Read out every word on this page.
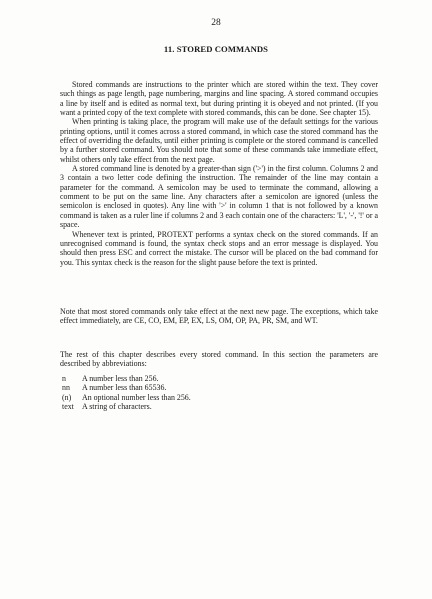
28
11. STORED COMMANDS

Stored commands are instructions to the printer which are stored within the text. They cover such things as page length, page numbering, margins and line spacing. A stored command occupies a line by itself and is edited as normal text, but during printing it is obeyed and not printed. (If you want a printed copy of the text complete with stored commands, this can be done. See chapter 15).

When printing is taking place, the program will make use of the default settings for the various printing options, until it comes across a stored command, in which case the stored command has the effect of overriding the defaults, until either printing is complete or the stored command is cancelled by a further stored command. You should note that some of these commands take immediate effect, whilst others only take effect from the next page.

A stored command line is denoted by a greater-than sign ('>') in the first column. Columns 2 and 3 contain a two letter code defining the instruction. The remainder of the line may contain a parameter for the command. A semicolon may be used to terminate the command, allowing a comment to be put on the same line. Any characters after a semicolon are ignored (unless the semicolon is enclosed in quotes). Any line with '>' in column 1 that is not followed by a known command is taken as a ruler line if columns 2 and 3 each contain one of the characters: 'L', '-', '!' or a space.

Whenever text is printed, PROTEXT performs a syntax check on the stored commands. If an unrecognised command is found, the syntax check stops and an error message is displayed. You should then press ESC and correct the mistake. The cursor will be placed on the bad command for you. This syntax check is the reason for the slight pause before the text is printed.

Note that most stored commands only take effect at the next new page. The exceptions, which take effect immediately, are CE, CO, EM, EP, EX, LS, OM, OP, PA, PR, SM, and WT.

The rest of this chapter describes every stored command. In this section the parameters are described by abbreviations:

n	A number less than 256.
nn	A number less than 65536.
(n)	An optional number less than 256.
text	A string of characters.
